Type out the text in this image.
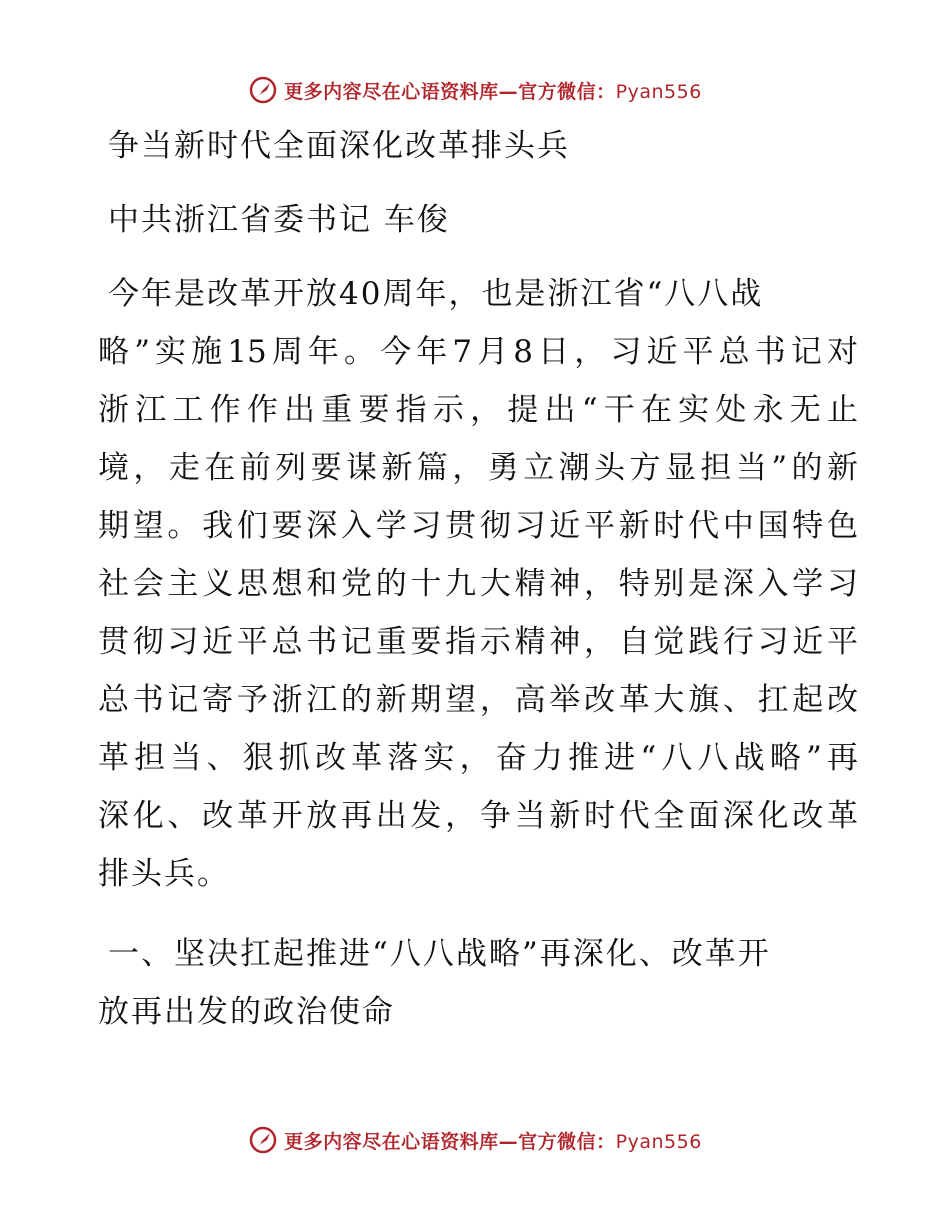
更多内容尽在心语资料库—官方微信：Pyan556
争当新时代全面深化改革排头兵
中共浙江省委书记 车俊
今年是改革开放40周年，也是浙江省“八八战
略”实施15周年。今年7月8日，习近平总书记对
浙江工作作出重要指示，提出“干在实处永无止
境，走在前列要谋新篇，勇立潮头方显担当”的新
期望。我们要深入学习贯彻习近平新时代中国特色
社会主义思想和党的十九大精神，特别是深入学习
贯彻习近平总书记重要指示精神，自觉践行习近平
总书记寄予浙江的新期望，高举改革大旗、扛起改
革担当、狠抓改革落实，奋力推进“八八战略”再
深化、改革开放再出发，争当新时代全面深化改革
排头兵。
一、坚决扛起推进“八八战略”再深化、改革开
放再出发的政治使命
更多内容尽在心语资料库—官方微信：Pyan556
